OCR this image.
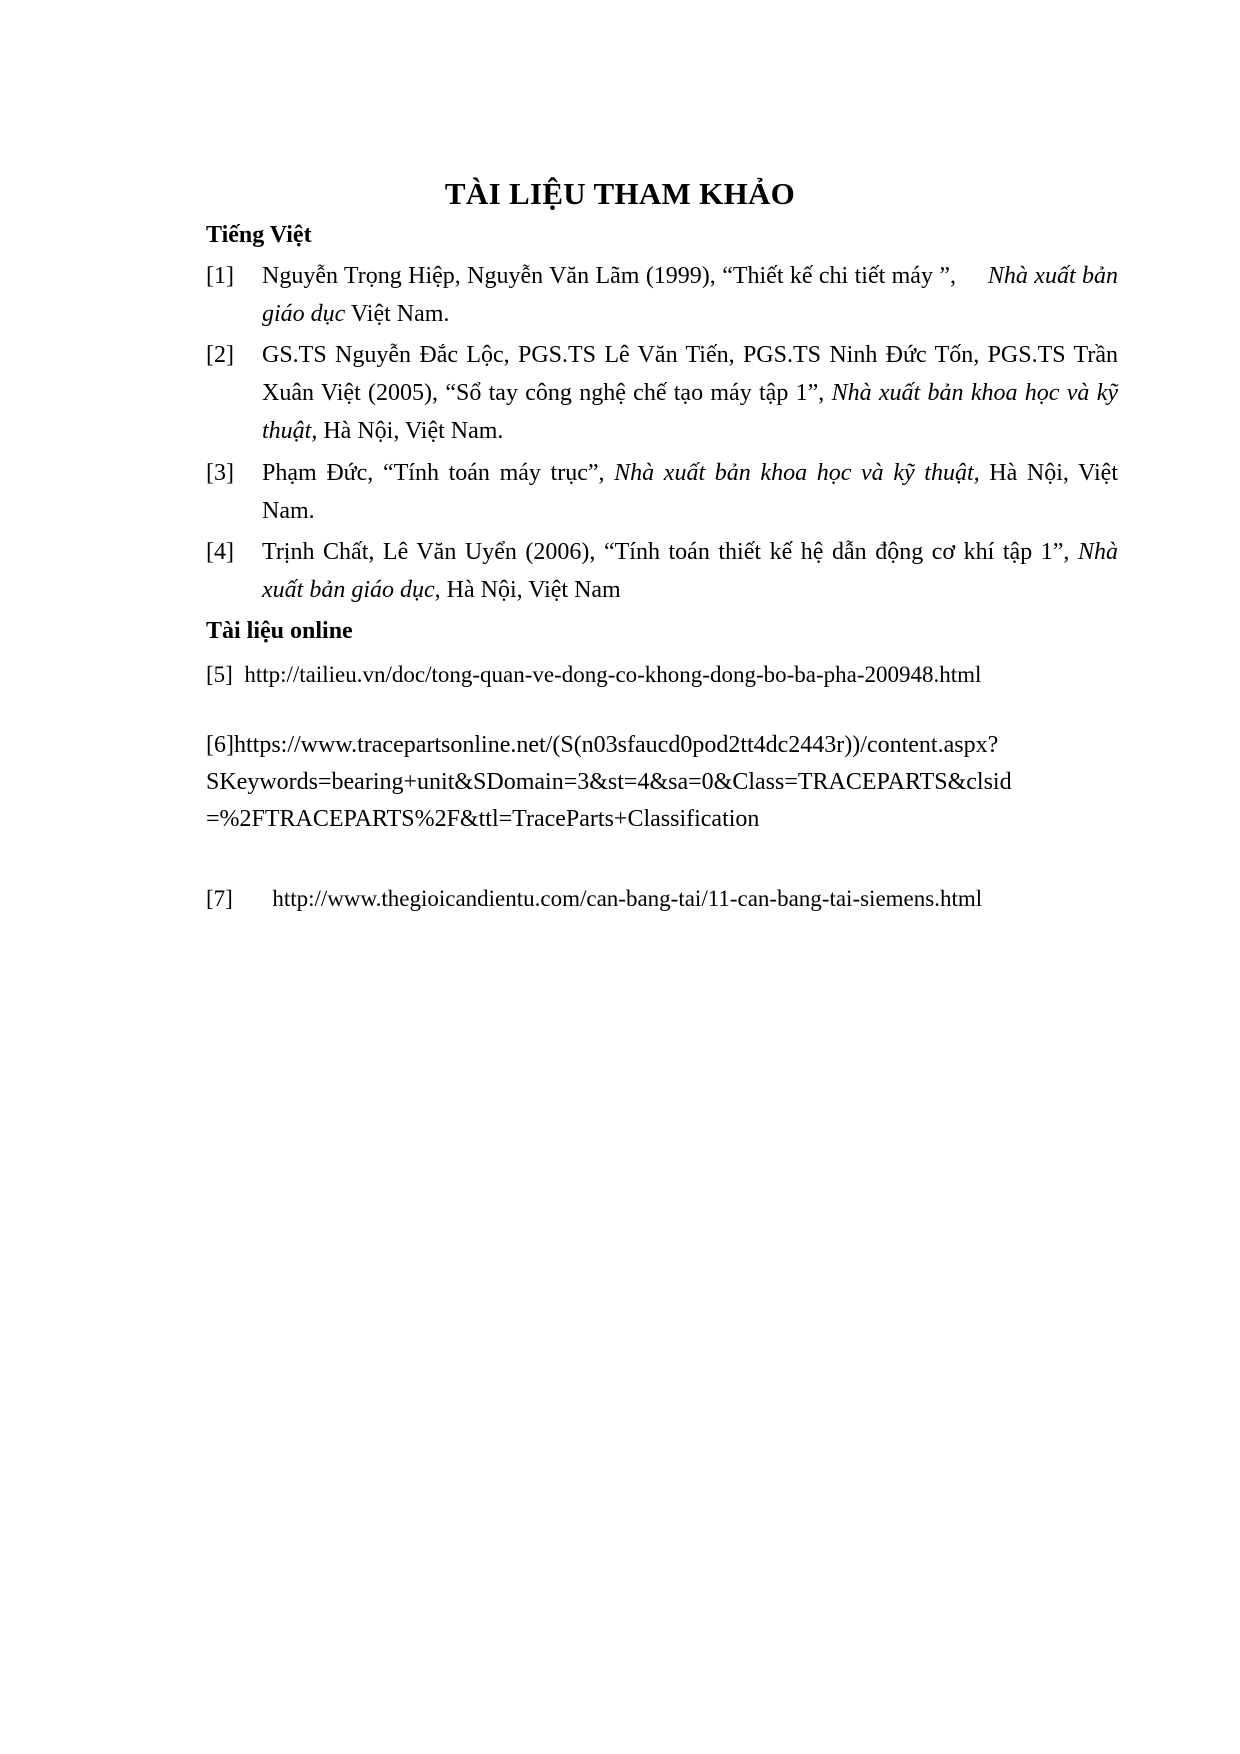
TÀI LIỆU THAM KHẢO
Tiếng Việt
[1] Nguyễn Trọng Hiệp, Nguyễn Văn Lãm (1999), “Thiết kế chi tiết máy ”, Nhà xuất bản giáo dục Việt Nam.
[2] GS.TS Nguyễn Đắc Lộc, PGS.TS Lê Văn Tiến, PGS.TS Ninh Đức Tốn, PGS.TS Trần Xuân Việt (2005), “Sổ tay công nghệ chế tạo máy tập 1”, Nhà xuất bản khoa học và kỹ thuật, Hà Nội, Việt Nam.
[3] Phạm Đức, “Tính toán máy trục”, Nhà xuất bản khoa học và kỹ thuật, Hà Nội, Việt Nam.
[4] Trịnh Chất, Lê Văn Uyển (2006), “Tính toán thiết kế hệ dẫn động cơ khí tập 1”, Nhà xuất bản giáo dục, Hà Nội, Việt Nam
Tài liệu online
[5] http://tailieu.vn/doc/tong-quan-ve-dong-co-khong-dong-bo-ba-pha-200948.html
[6]https://www.tracepartsonline.net/(S(n03sfaucd0pod2tt4dc2443r))/content.aspx?
SKeywords=bearing+unit&SDomain=3&st=4&sa=0&Class=TRACEPARTS&clsid
=%2FTRACEPARTS%2F&ttl=TraceParts+Classification
[7] http://www.thegioicandientu.com/can-bang-tai/11-can-bang-tai-siemens.html
